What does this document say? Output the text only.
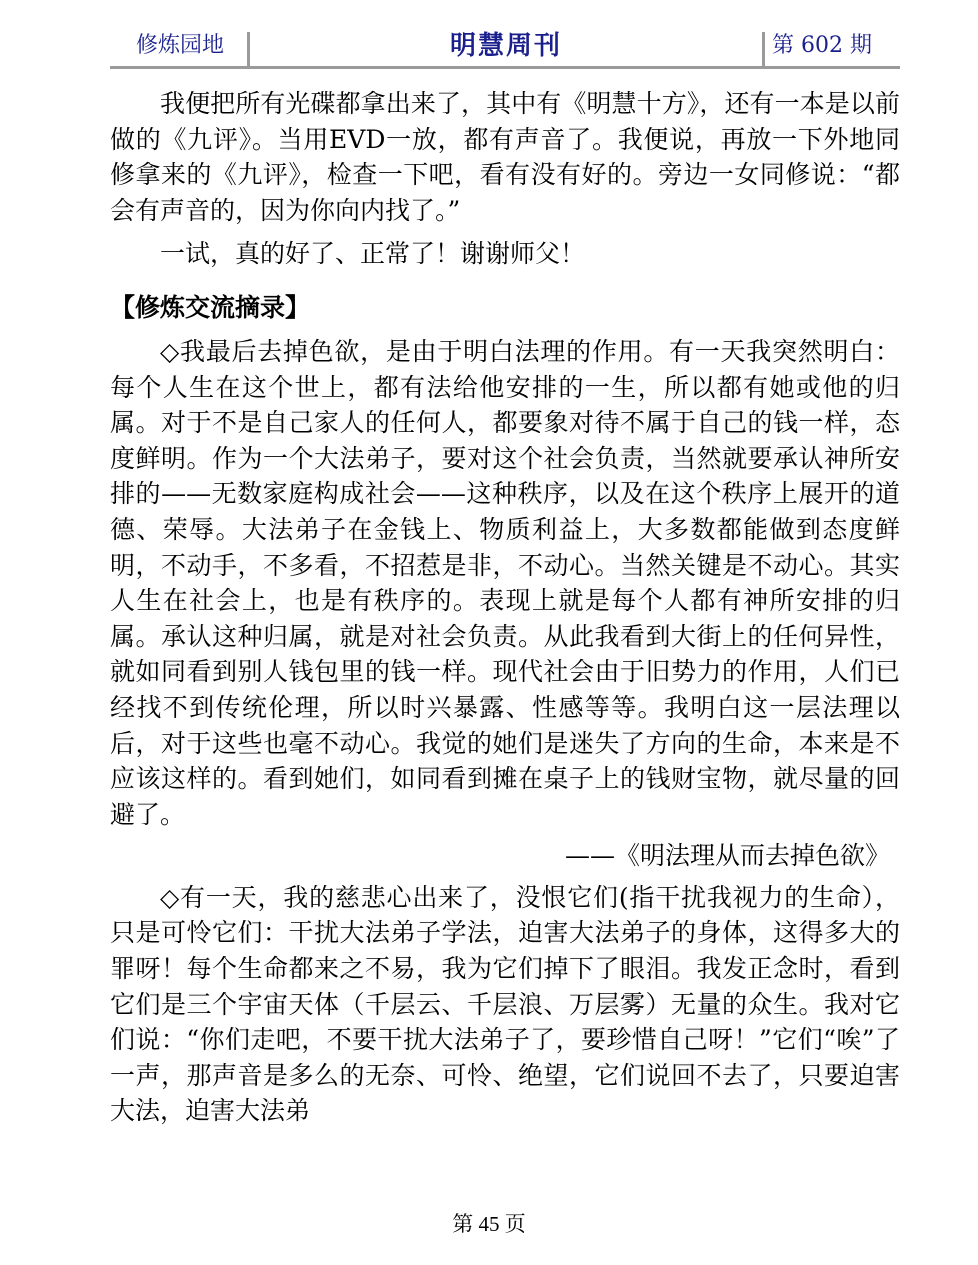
修炼园地	明慧周刊	第 602 期

我便把所有光碟都拿出来了，其中有《明慧十方》，还有一本是以前做的《九评》。当用EVD一放，都有声音了。我便说，再放一下外地同修拿来的《九评》，检查一下吧，看有没有好的。旁边一女同修说：“都会有声音的，因为你向内找了。”

一试，真的好了、正常了！谢谢师父！

【修炼交流摘录】

◇我最后去掉色欲，是由于明白法理的作用。有一天我突然明白：每个人生在这个世上，都有法给他安排的一生，所以都有她或他的归属。对于不是自己家人的任何人，都要象对待不属于自己的钱一样，态度鲜明。作为一个大法弟子，要对这个社会负责，当然就要承认神所安排的——无数家庭构成社会——这种秩序，以及在这个秩序上展开的道德、荣辱。大法弟子在金钱上、物质利益上，大多数都能做到态度鲜明，不动手，不多看，不招惹是非，不动心。当然关键是不动心。其实人生在社会上，也是有秩序的。表现上就是每个人都有神所安排的归属。承认这种归属，就是对社会负责。从此我看到大街上的任何异性，就如同看到别人钱包里的钱一样。现代社会由于旧势力的作用，人们已经找不到传统伦理，所以时兴暴露、性感等等。我明白这一层法理以后，对于这些也毫不动心。我觉的她们是迷失了方向的生命，本来是不应该这样的。看到她们，如同看到摊在桌子上的钱财宝物，就尽量的回避了。

——《明法理从而去掉色欲》

◇有一天，我的慈悲心出来了，没恨它们(指干扰我视力的生命），只是可怜它们：干扰大法弟子学法，迫害大法弟子的身体，这得多大的罪呀！每个生命都来之不易，我为它们掉下了眼泪。我发正念时，看到它们是三个宇宙天体（千层云、千层浪、万层雾）无量的众生。我对它们说：“你们走吧，不要干扰大法弟子了，要珍惜自己呀！”它们“唉”了一声，那声音是多么的无奈、可怜、绝望，它们说回不去了，只要迫害大法，迫害大法弟

第 45 页
